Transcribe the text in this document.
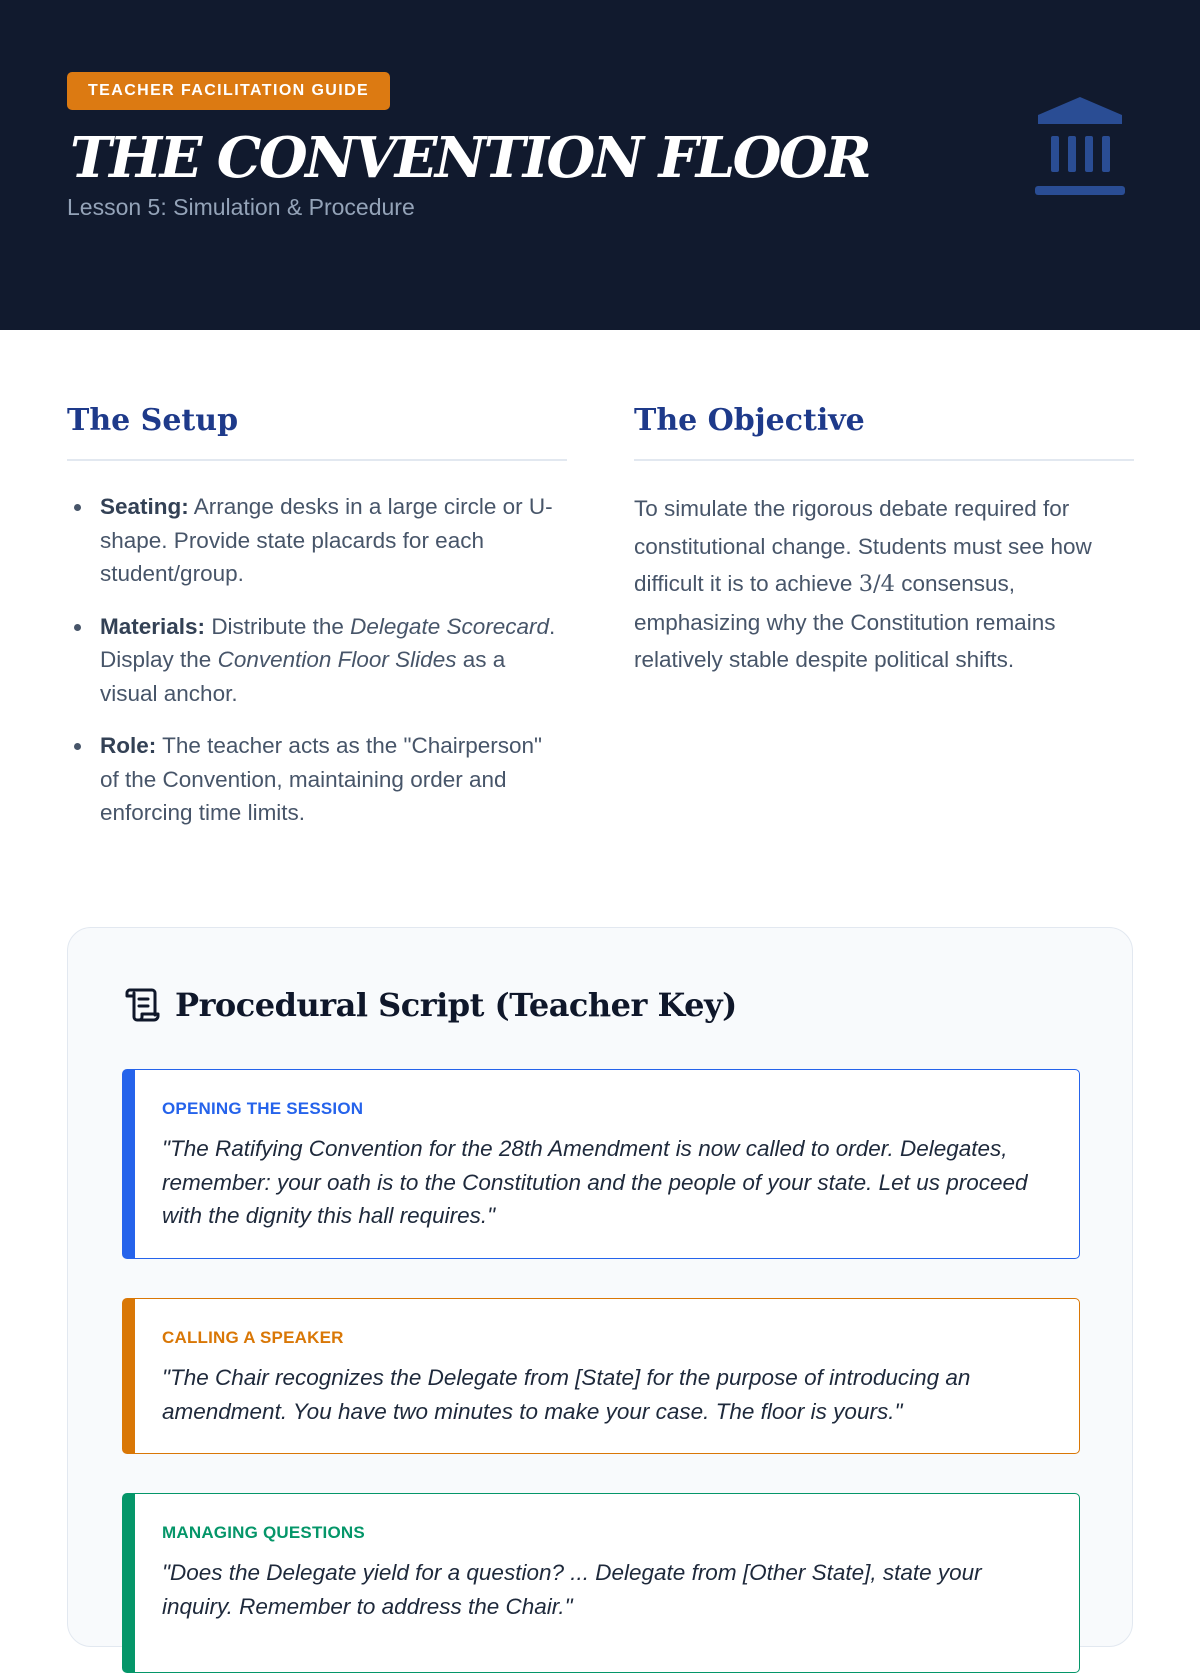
TEACHER FACILITATION GUIDE
THE CONVENTION FLOOR
Lesson 5: Simulation & Procedure
The Setup
Seating: Arrange desks in a large circle or U-shape. Provide state placards for each student/group.
Materials: Distribute the Delegate Scorecard. Display the Convention Floor Slides as a visual anchor.
Role: The teacher acts as the "Chairperson" of the Convention, maintaining order and enforcing time limits.
The Objective

To simulate the rigorous debate required for constitutional change. Students must see how difficult it is to achieve 3/4 consensus, emphasizing why the Constitution remains relatively stable despite political shifts.

Procedural Script (Teacher Key)
OPENING THE SESSION
"The Ratifying Convention for the 28th Amendment is now called to order. Delegates, remember: your oath is to the Constitution and the people of your state. Let us proceed with the dignity this hall requires."
CALLING A SPEAKER
"The Chair recognizes the Delegate from [State] for the purpose of introducing an amendment. You have two minutes to make your case. The floor is yours."
MANAGING QUESTIONS
"Does the Delegate yield for a question? ... Delegate from [Other State], state your inquiry. Remember to address the Chair."
